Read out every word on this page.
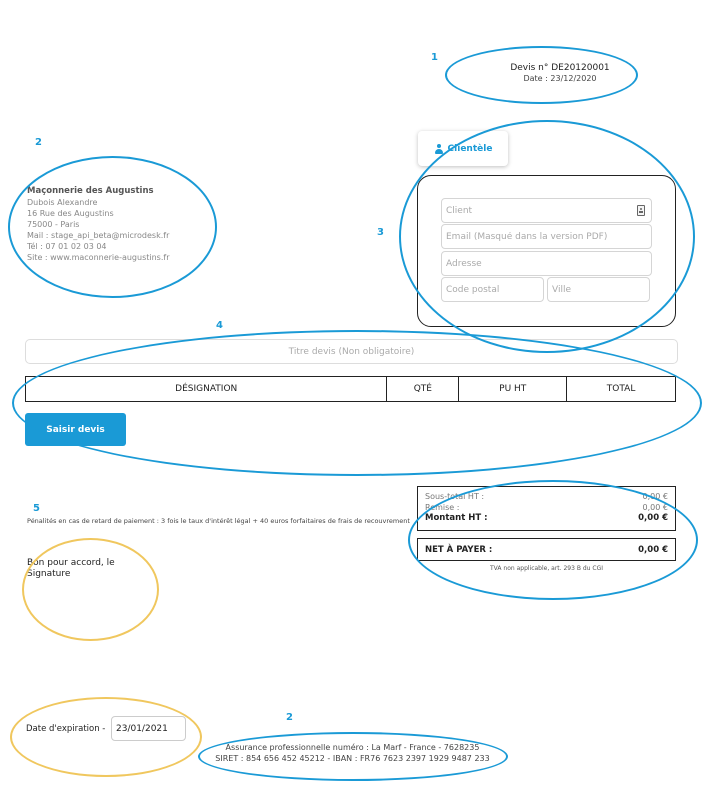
1
2
3
4
5
2
Devis n° DE20120001
Date : 23/12/2020
Maçonnerie des Augustins
Dubois Alexandre
16 Rue des Augustins
75000 - Paris
Mail : stage_api_beta@microdesk.fr
Tél : 07 01 02 03 04
Site : www.maconnerie-augustins.fr
Clientèle
Client
Email (Masqué dans la version PDF)
Adresse
Code postal
Ville
Titre devis (Non obligatoire)
DÉSIGNATION	QTÉ	PU HT	TOTAL
Saisir devis
Pénalités en cas de retard de paiement : 3 fois le taux d'intérêt légal + 40 euros forfaitaires de frais de recouvrement
Bon pour accord, le Signature
Sous-total HT :	0,00 €
Remise :	0,00 €
Montant HT :	0,00 €
NET À PAYER :	0,00 €
TVA non applicable, art. 293 B du CGI
Date d'expiration -
23/01/2021
Assurance professionnelle numéro : La Marf - France - 7628235
SIRET : 854 656 452 45212 - IBAN : FR76 7623 2397 1929 9487 233
